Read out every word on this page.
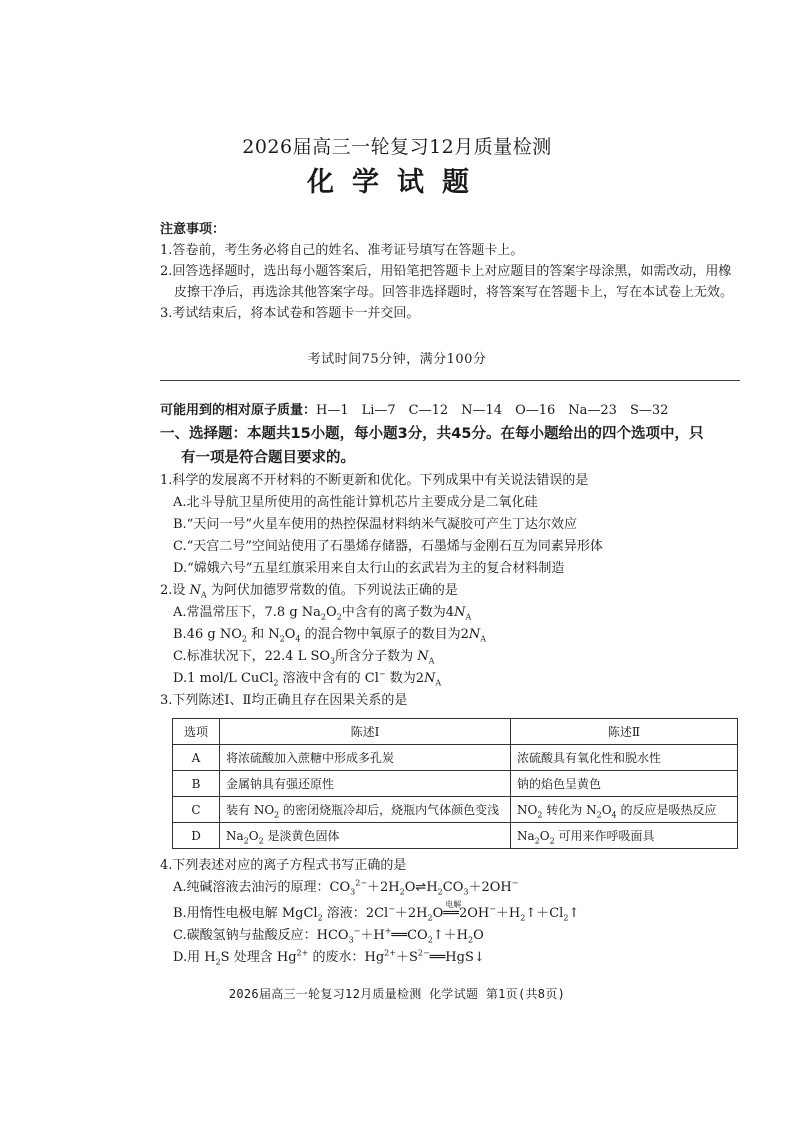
2026届高三一轮复习12月质量检测
化学试题
注意事项：
1.答卷前，考生务必将自己的姓名、准考证号填写在答题卡上。
2.回答选择题时，选出每小题答案后，用铅笔把答题卡上对应题目的答案字母涂黑，如需改动，用橡皮擦干净后，再选涂其他答案字母。回答非选择题时，将答案写在答题卡上，写在本试卷上无效。
3.考试结束后，将本试卷和答题卡一并交回。
考试时间75分钟，满分100分
可能用到的相对原子质量：H—1　Li—7　C—12　N—14　O—16　Na—23　S—32
一、选择题：本题共15小题，每小题3分，共45分。在每小题给出的四个选项中，只
有一项是符合题目要求的。
1.科学的发展离不开材料的不断更新和优化。下列成果中有关说法错误的是
A.北斗导航卫星所使用的高性能计算机芯片主要成分是二氧化硅
B.“天问一号”火星车使用的热控保温材料纳米气凝胶可产生丁达尔效应
C.“天宫二号”空间站使用了石墨烯存储器，石墨烯与金刚石互为同素异形体
D.“嫦娥六号”五星红旗采用来自太行山的玄武岩为主的复合材料制造
2.设 $N_A$ 为阿伏加德罗常数的值。下列说法正确的是
A.常温常压下，7.8 g $Na_2O_2$中含有的离子数为$4N_A$
B.46 g $NO_2$ 和 $N_2O_4$ 的混合物中氧原子的数目为$2N_A$
C.标准状况下，22.4 L $SO_3$所含分子数为 $N_A$
D.1 mol/L CuCl$_2$ 溶液中含有的 Cl− 数为$2N_A$
3.下列陈述Ⅰ、Ⅱ均正确且存在因果关系的是
选项	陈述Ⅰ	陈述Ⅱ
A	将浓硫酸加入蔗糖中形成多孔炭	浓硫酸具有氧化性和脱水性
B	金属钠具有强还原性	钠的焰色呈黄色
C	装有 $NO_2$ 的密闭烧瓶冷却后，烧瓶内气体颜色变浅	$NO_2$ 转化为 $N_2O_4$ 的反应是吸热反应
D	$Na_2O_2$ 是淡黄色固体	$Na_2O_2$ 可用来作呼吸面具
4.下列表述对应的离子方程式书写正确的是
A.纯碱溶液去油污的原理：$CO_3^{2-}+2H_2O\rightleftharpoons H_2CO_3+2OH^-$
B.用惰性电极电解 MgCl$_2$ 溶液：$2Cl^-+2H_2O$
电解
$══2OH^-+H_2↑+Cl_2↑$
C.碳酸氢钠与盐酸反应：$HCO_3^-+H^+══CO_2↑+H_2O$
D.用 $H_2S$ 处理含 $Hg^{2+}$ 的废水：$Hg^{2+}+S^{2-}══HgS↓$
2026届高三一轮复习12月质量检测 化学试题 第1页(共8页)
